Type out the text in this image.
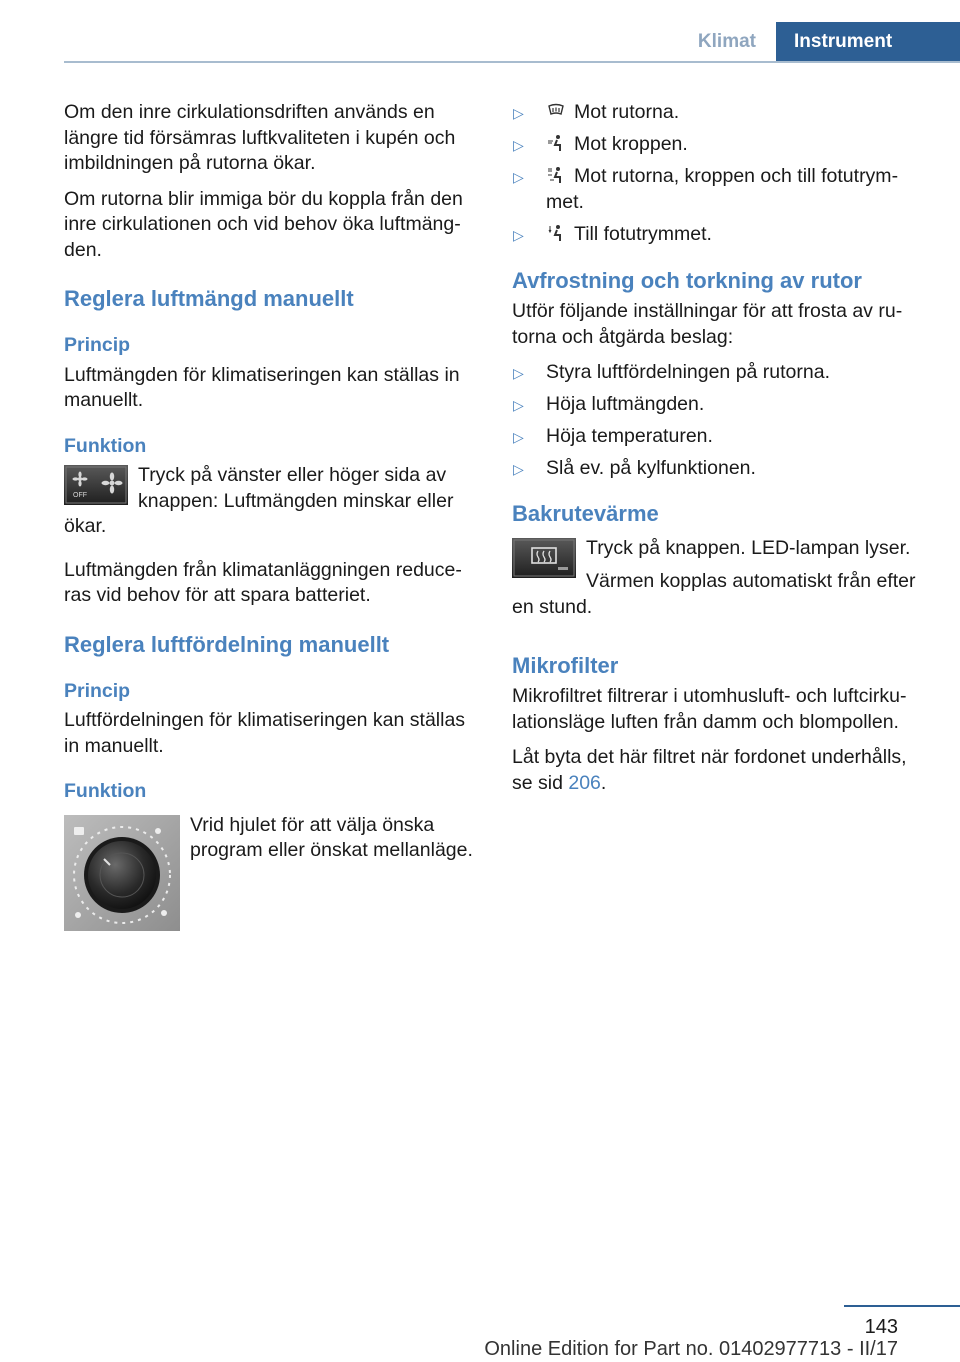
Klimat	Instrument

Om den inre cirkulationsdriften används en längre tid försämras luftkvaliteten i kupén och imbildningen på rutorna ökar.

Om rutorna blir immiga bör du koppla från den inre cirkulationen och vid behov öka luftmängden.

Reglera luftmängd manuellt
Princip

Luftmängden för klimatiseringen kan ställas in manuellt.

Funktion
OFF

Tryck på vänster eller höger sida av knappen: Luftmängden minskar eller ökar.

Luftmängden från klimatanläggningen reduceras vid behov för att spara batteriet.

Reglera luftfördelning manuellt
Princip

Luftfördelningen för klimatiseringen kan ställas in manuellt.

Funktion

Vrid hjulet för att välja önska program eller önskat mellanläge.

▷	Mot rutorna.
▷	Mot kroppen.
▷	Mot rutorna, kroppen och till fotutrymmet.
▷	Till fotutrymmet.
Avfrostning och torkning av rutor

Utför följande inställningar för att frosta av rutorna och åtgärda beslag:

▷ Styra luftfördelningen på rutorna.
▷ Höja luftmängden.
▷ Höja temperaturen.
▷ Slå ev. på kylfunktionen.
Bakrutevärme

Tryck på knappen. LED-lampan lyser.

Värmen kopplas automatiskt från efter en stund.

Mikrofilter

Mikrofiltret filtrerar i utomhusluft- och luftcirkulationsläge luften från damm och blompollen.

Låt byta det här filtret när fordonet underhålls, se sid 206.

143
Online Edition for Part no. 01402977713 - II/17
